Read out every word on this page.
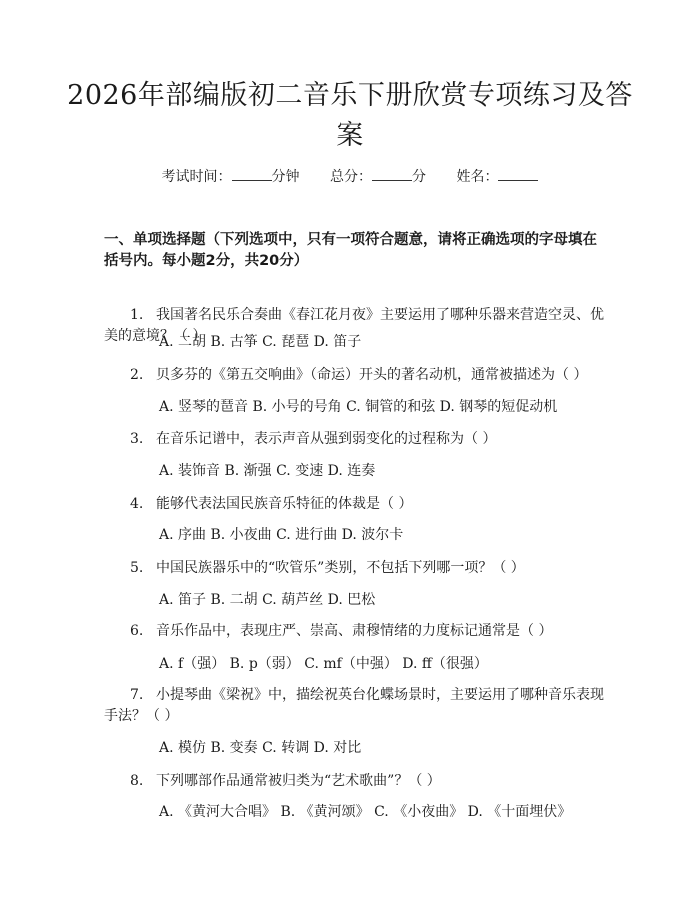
2026年部编版初二音乐下册欣赏专项练习及答案
考试时间：	分钟 总分：	分 姓名：
一、单项选择题（下列选项中，只有一项符合题意，请将正确选项的字母填在括号内。每小题2分，共20分）
1. 我国著名民乐合奏曲《春江花月夜》主要运用了哪种乐器来营造空灵、优美的意境？（ ）
A. 二胡 B. 古筝 C. 琵琶 D. 笛子
2. 贝多芬的《第五交响曲》（命运）开头的著名动机，通常被描述为（ ）
A. 竖琴的琶音 B. 小号的号角 C. 铜管的和弦 D. 钢琴的短促动机
3. 在音乐记谱中，表示声音从强到弱变化的过程称为（ ）
A. 装饰音 B. 渐强 C. 变速 D. 连奏
4. 能够代表法国民族音乐特征的体裁是（ ）
A. 序曲 B. 小夜曲 C. 进行曲 D. 波尔卡
5. 中国民族器乐中的“吹管乐”类别，不包括下列哪一项？（ ）
A. 笛子 B. 二胡 C. 葫芦丝 D. 巴松
6. 音乐作品中，表现庄严、崇高、肃穆情绪的力度标记通常是（ ）
A. f（强） B. p（弱） C. mf（中强） D. ff（很强）
7. 小提琴曲《梁祝》中，描绘祝英台化蝶场景时，主要运用了哪种音乐表现手法？（ ）
A. 模仿 B. 变奏 C. 转调 D. 对比
8. 下列哪部作品通常被归类为“艺术歌曲”？（ ）
A. 《黄河大合唱》 B. 《黄河颂》 C. 《小夜曲》 D. 《十面埋伏》
